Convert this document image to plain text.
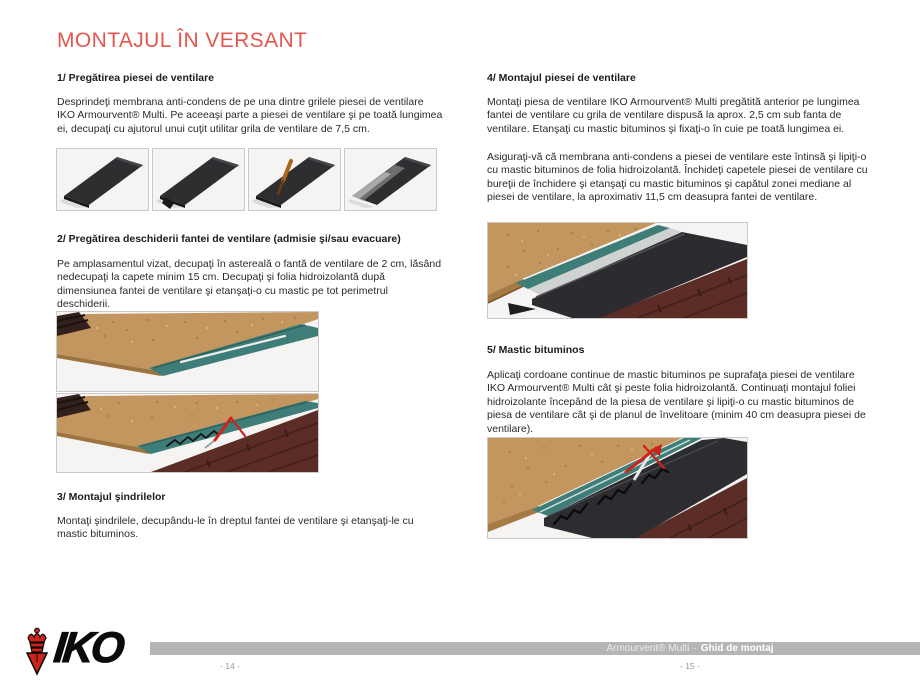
MONTAJUL ÎN VERSANT
1/ Pregătirea piesei de ventilare
Desprindeţi membrana anti-condens de pe una dintre grilele piesei de ventilare IKO Armourvent® Multi. Pe aceeaşi parte a piesei de ventilare şi pe toată lungimea ei, decupaţi cu ajutorul unui cuţit utilitar grila de ventilare de 7,5 cm.
2/ Pregătirea deschiderii fantei de ventilare (admisie şi/sau evacuare)
Pe amplasamentul vizat, decupaţi în astereală o fantă de ventilare de 2 cm, lăsând nedecupaţi la capete minim 15 cm. Decupaţi şi folia hidroizolantă după dimensiunea fantei de ventilare şi etanşaţi-o cu mastic pe tot perimetrul deschiderii.
3/ Montajul şindrilelor
Montaţi şindrilele, decupându-le în dreptul fantei de ventilare şi etanşaţi-le cu mastic bituminos.
4/ Montajul piesei de ventilare
Montaţi piesa de ventilare IKO Armourvent® Multi pregătită anterior pe lungimea fantei de ventilare cu grila de ventilare dispusă la aprox. 2,5 cm sub fanta de ventilare. Etanşaţi cu mastic bituminos şi fixaţi-o în cuie pe toată lungimea ei.
Asiguraţi-vă că membrana anti-condens a piesei de ventilare este întinsă şi lipiţi-o cu mastic bituminos de folia hidroizolantă. Închideţi capetele piesei de ventilare cu bureţii de închidere şi etanşaţi cu mastic bituminos şi capătul zonei mediane al piesei de ventilare, la aproximativ 11,5 cm deasupra fantei de ventilare.
5/ Mastic bituminos
Aplicaţi cordoane continue de mastic bituminos pe suprafaţa piesei de ventilare IKO Armourvent® Multi cât şi peste folia hidroizolantă. Continuaţi montajul foliei hidroizolante începând de la piesa de ventilare şi lipiţi-o cu mastic bituminos de piesa de ventilare cât şi de planul de învelitoare (minim 40 cm deasupra piesei de ventilare).
Armourvent® Multi · Ghid de montaj
IKO	- 14 -	- 15 -
